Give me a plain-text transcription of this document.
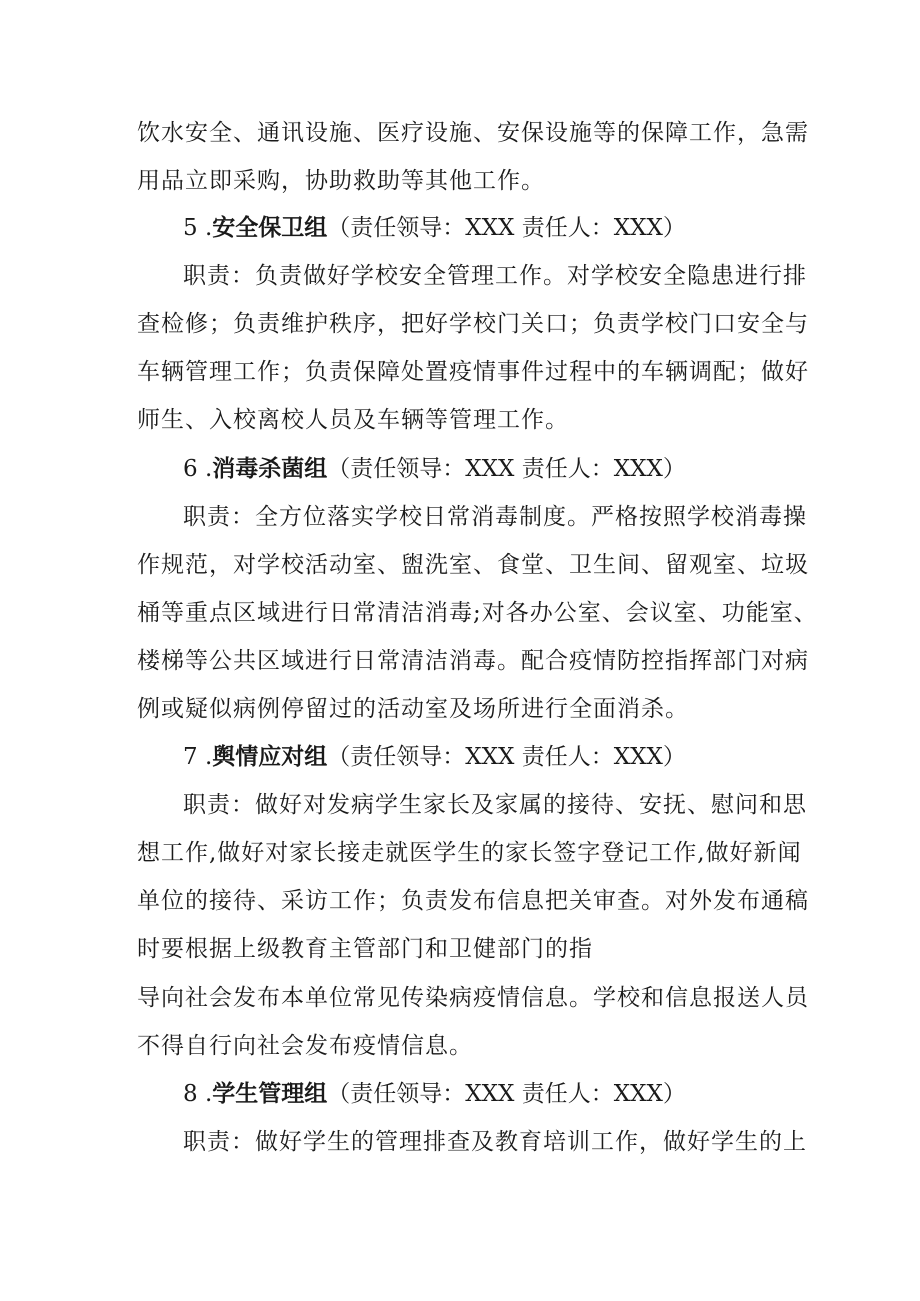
饮水安全、通讯设施、医疗设施、安保设施等的保障工作，急需
用品立即采购，协助救助等其他工作。
5 .安全保卫组（责任领导：XXX 责任人：XXX）
职责：负责做好学校安全管理工作。对学校安全隐患进行排
查检修；负责维护秩序，把好学校门关口；负责学校门口安全与
车辆管理工作；负责保障处置疫情事件过程中的车辆调配；做好
师生、入校离校人员及车辆等管理工作。
6 .消毒杀菌组（责任领导：XXX 责任人：XXX）
职责：全方位落实学校日常消毒制度。严格按照学校消毒操
作规范，对学校活动室、盥洗室、食堂、卫生间、留观室、垃圾
桶等重点区域进行日常清洁消毒;对各办公室、会议室、功能室、
楼梯等公共区域进行日常清洁消毒。配合疫情防控指挥部门对病
例或疑似病例停留过的活动室及场所进行全面消杀。
7 .舆情应对组（责任领导：XXX 责任人：XXX）
职责：做好对发病学生家长及家属的接待、安抚、慰问和思
想工作,做好对家长接走就医学生的家长签字登记工作,做好新闻
单位的接待、采访工作；负责发布信息把关审查。对外发布通稿
时要根据上级教育主管部门和卫健部门的指
导向社会发布本单位常见传染病疫情信息。学校和信息报送人员
不得自行向社会发布疫情信息。
8 .学生管理组（责任领导：XXX 责任人：XXX）
职责：做好学生的管理排查及教育培训工作，做好学生的上
